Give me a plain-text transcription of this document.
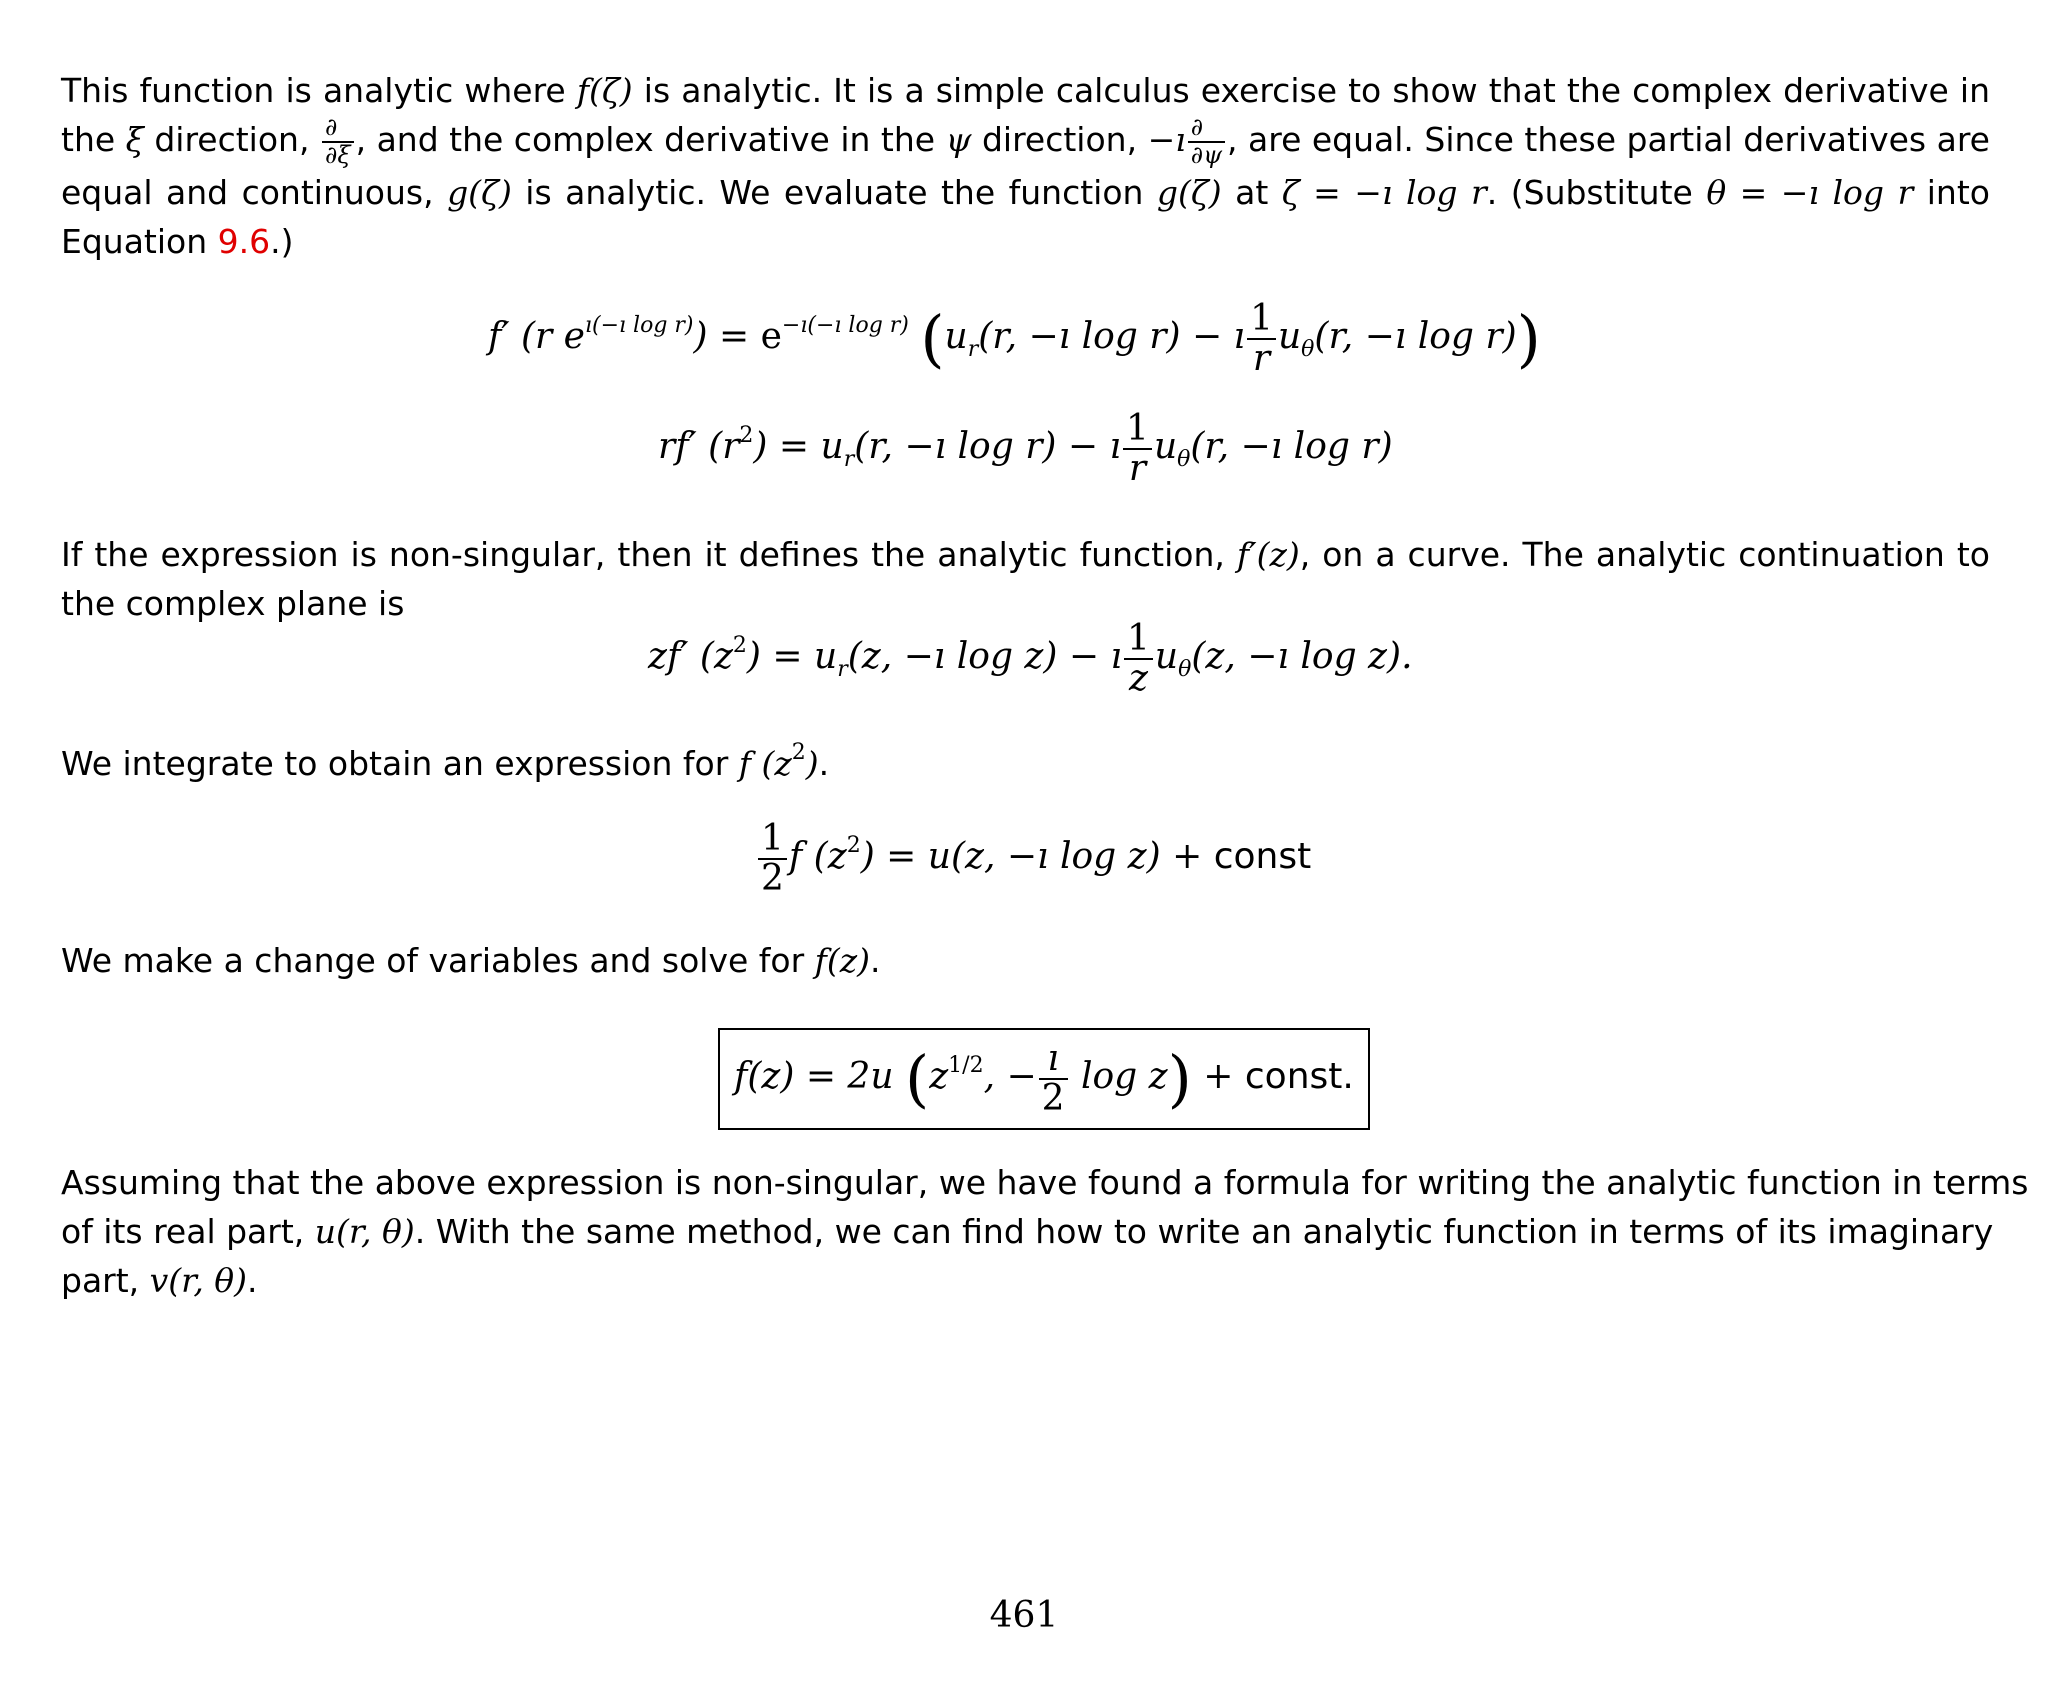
This function is analytic where f(ζ) is analytic. It is a simple calculus exercise to show that the complex derivative in
the ξ direction, $\frac{\partial}{\partial\xi}$ , and the complex derivative in the ψ direction, −ı $\frac{\partial}{\partial\psi}$ , are equal. Since these partial derivatives are
equal and continuous, g(ζ) is analytic. We evaluate the function g(ζ) at ζ = −ı log r. (Substitute θ = −ı log r into
Equation 9.6.)
f′ (r $e^{ı(-ı log r)}) = e^{-ı(-ı log r)}$ ($u_r(r$, −ı log r) − ı $\frac{1}{r} u_\theta(r$, −ı log r))
rf′ $(r^2) = u_r(r$, −ı log r) − ı $\frac{1}{r} u_\theta(r$, −ı log r)
If the expression is non-singular, then it defines the analytic function, f′(z), on a curve. The analytic continuation to
the complex plane is
zf′ $(z^2) = u_r(z$, −ı log z) − ı $\frac{1}{z} u_\theta(z$, −ı log z).
We integrate to obtain an expression for f $(z^2)$.
$\frac{1}{2}$ f $(z^2) = u(z$, −ı log z) + const
We make a change of variables and solve for f(z).
f(z) = 2u ($z^{1/2}$, − $\frac{ı}{2}$ log z) + const.
Assuming that the above expression is non-singular, we have found a formula for writing the analytic function in terms
of its real part, u(r, θ). With the same method, we can find how to write an analytic function in terms of its imaginary
part, v(r, θ).
461
